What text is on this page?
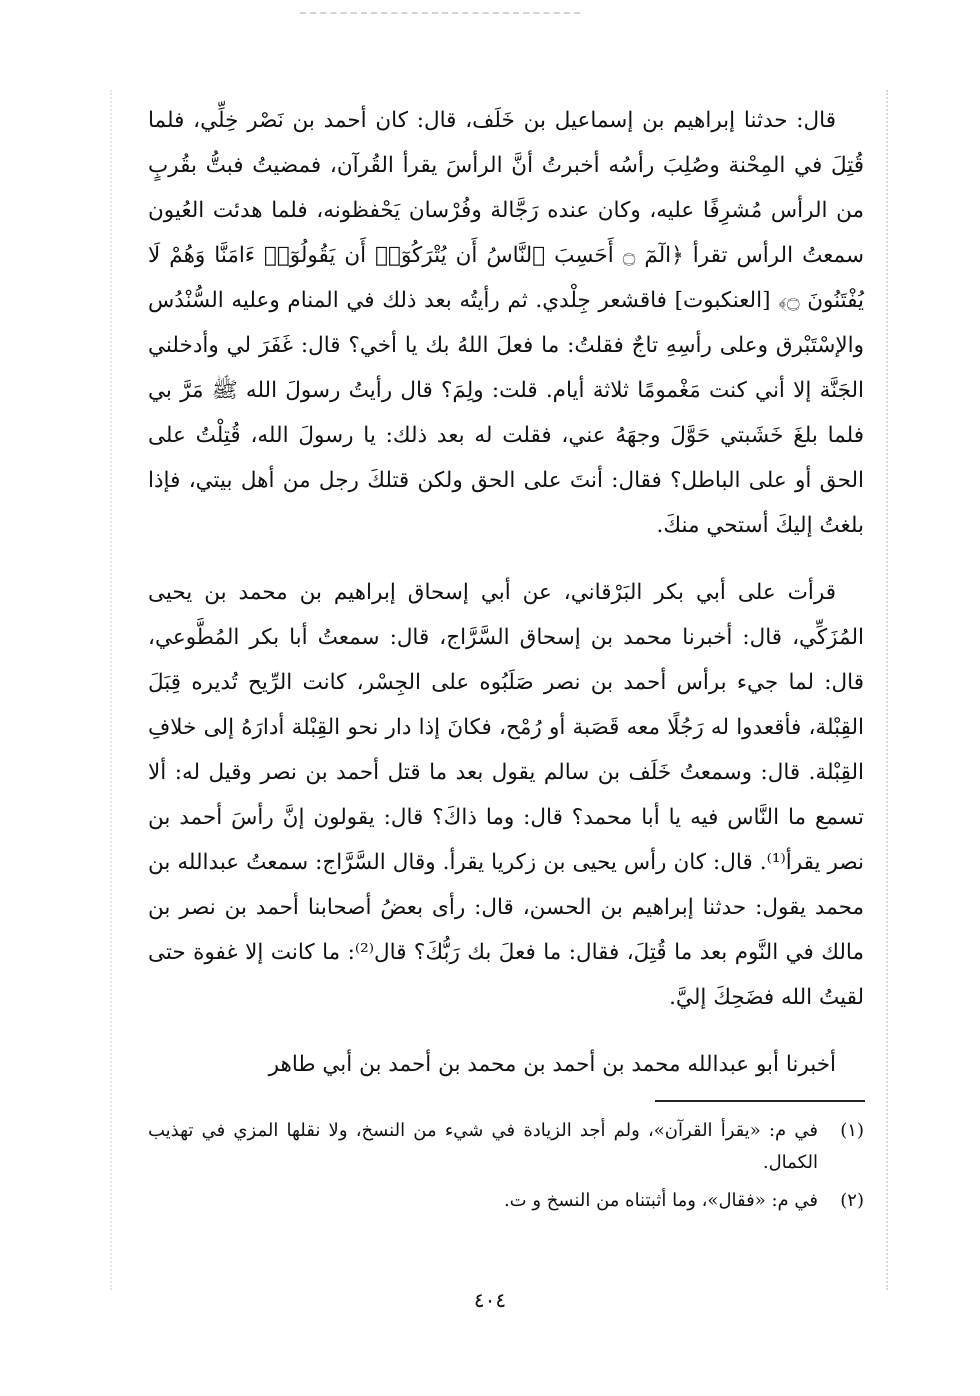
قال: حدثنا إبراهيم بن إسماعيل بن خَلَف، قال: كان أحمد بن نَصْر خِلِّي، فلما قُتِلَ في المِحْنة وصُلِبَ رأسُه أخبرتُ أنَّ الرأسَ يقرأ القُرآن، فمضيتُ فبتُّ بقُربٍ من الرأس مُشرِفًا عليه، وكان عنده رَجَّالة وفُرْسان يَحْفظونه، فلما هدئت العُيون سمعتُ الرأس تقرأ ﴿الٓمٓ ۝ أَحَسِبَ ٱلنَّاسُ أَن يُتْرَكُوٓا۟ أَن يَقُولُوٓا۟ ءَامَنَّا وَهُمْ لَا يُفْتَنُونَ ۝﴾ [العنكبوت] فاقشعر جِلْدي. ثم رأيتُه بعد ذلك في المنام وعليه السُّنْدُس والإسْتَبْرق وعلى رأسِهِ تاجٌ فقلتُ: ما فعلَ اللهُ بك يا أخي؟ قال: غَفَرَ لي وأدخلني الجَنَّة إلا أني كنت مَغْمومًا ثلاثة أيام. قلت: ولِمَ؟ قال رأيتُ رسولَ الله ﷺ مَرَّ بي فلما بلغَ خَشَبتي حَوَّلَ وجهَهُ عني، فقلت له بعد ذلك: يا رسولَ الله، قُتِلْتُ على الحق أو على الباطل؟ فقال: أنتَ على الحق ولكن قتلكَ رجل من أهل بيتي، فإذا بلغتُ إليكَ أستحي منكَ.

قرأت على أبي بكر البَرْقاني، عن أبي إسحاق إبراهيم بن محمد بن يحيى المُزَكِّي، قال: أخبرنا محمد بن إسحاق السَّرَّاج، قال: سمعتُ أبا بكر المُطَّوعي، قال: لما جيء برأس أحمد بن نصر صَلَبُوه على الجِسْر، كانت الرِّيح تُديره قِبَلَ القِبْلة، فأقعدوا له رَجُلًا معه قَصَبة أو رُمْح، فكانَ إذا دار نحو القِبْلة أدارَهُ إلى خلافِ القِبْلة. قال: وسمعتُ خَلَف بن سالم يقول بعد ما قتل أحمد بن نصر وقيل له: ألا تسمع ما النَّاس فيه يا أبا محمد؟ قال: وما ذاكَ؟ قال: يقولون إنَّ رأسَ أحمد بن نصر يقرأ⁽¹⁾. قال: كان رأس يحيى بن زكريا يقرأ. وقال السَّرَّاج: سمعتُ عبدالله بن محمد يقول: حدثنا إبراهيم بن الحسن، قال: رأى بعضُ أصحابنا أحمد بن نصر بن مالك في النَّوم بعد ما قُتِلَ، فقال: ما فعلَ بك رَبُّكَ؟ قال⁽²⁾: ما كانت إلا غفوة حتى لقيتُ الله فضَحِكَ إليَّ.

أخبرنا أبو عبدالله محمد بن أحمد بن محمد بن أحمد بن أبي طاهر

(١)
في م: «يقرأ القرآن»، ولم أجد الزيادة في شيء من النسخ، ولا نقلها المزي في تهذيب الكمال.
(٢)
في م: «فقال»، وما أثبتناه من النسخ و ت.
٤٠٤
